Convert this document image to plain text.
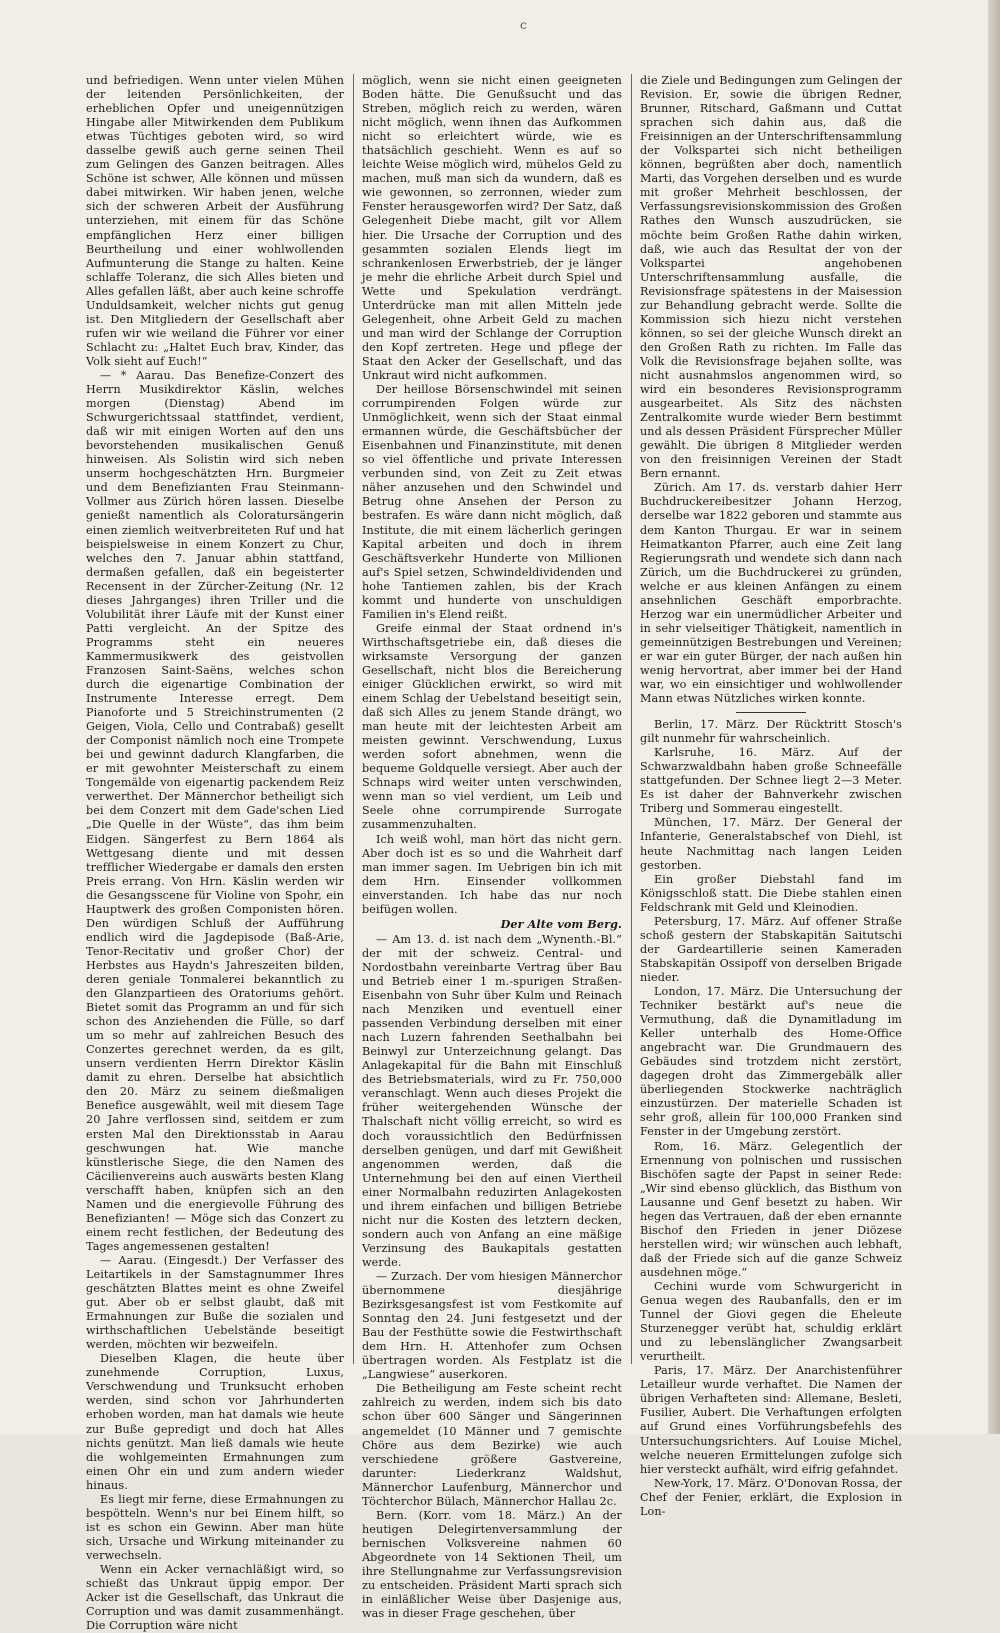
c

und befriedigen. Wenn unter vielen Mühen der leitenden Persönlichkeiten, der erheblichen Opfer und uneigennützigen Hingabe aller Mitwirkenden dem Publikum etwas Tüchtiges geboten wird, so wird dasselbe gewiß auch gerne seinen Theil zum Gelingen des Ganzen beitragen. Alles Schöne ist schwer, Alle können und müssen dabei mitwirken. Wir haben jenen, welche sich der schweren Arbeit der Ausführung unterziehen, mit einem für das Schöne empfänglichen Herz einer billigen Beurtheilung und einer wohlwollenden Aufmunterung die Stange zu halten. Keine schlaffe Toleranz, die sich Alles bieten und Alles gefallen läßt, aber auch keine schroffe Unduldsamkeit, welcher nichts gut genug ist. Den Mitgliedern der Gesellschaft aber rufen wir wie weiland die Führer vor einer Schlacht zu: „Haltet Euch brav, Kinder, das Volk sieht auf Euch!“

— * Aarau. Das Benefize-Conzert des Herrn Musikdirektor Käslin, welches morgen (Dienstag) Abend im Schwurgerichtssaal stattfindet, verdient, daß wir mit einigen Worten auf den uns bevorstehenden musikalischen Genuß hinweisen. Als Solistin wird sich neben unserm hochgeschätzten Hrn. Burgmeier und dem Benefizianten Frau Steinmann-Vollmer aus Zürich hören lassen. Dieselbe genießt namentlich als Coloratursängerin einen ziemlich weitverbreiteten Ruf und hat beispielsweise in einem Konzert zu Chur, welches den 7. Januar abhin stattfand, dermaßen gefallen, daß ein begeisterter Recensent in der Zürcher-Zeitung (Nr. 12 dieses Jahrganges) ihren Triller und die Volubilität ihrer Läufe mit der Kunst einer Patti vergleicht. An der Spitze des Programms steht ein neueres Kammermusikwerk des geistvollen Franzosen Saint-Saëns, welches schon durch die eigenartige Combination der Instrumente Interesse erregt. Dem Pianoforte und 5 Streichinstrumenten (2 Geigen, Viola, Cello und Contrabaß) gesellt der Componist nämlich noch eine Trompete bei und gewinnt dadurch Klangfarben, die er mit gewohnter Meisterschaft zu einem Tongemälde von eigenartig packendem Reiz verwerthet. Der Männerchor betheiligt sich bei dem Conzert mit dem Gade'schen Lied „Die Quelle in der Wüste“, das ihm beim Eidgen. Sängerfest zu Bern 1864 als Wettgesang diente und mit dessen trefflicher Wiedergabe er damals den ersten Preis errang. Von Hrn. Käslin werden wir die Gesangsscene für Violine von Spohr, ein Hauptwerk des großen Componisten hören. Den würdigen Schluß der Aufführung endlich wird die Jagdepisode (Baß-Arie, Tenor-Recitativ und großer Chor) der Herbstes aus Haydn's Jahreszeiten bilden, deren geniale Tonmalerei bekanntlich zu den Glanzpartieen des Oratoriums gehört. Bietet somit das Programm an und für sich schon des Anziehenden die Fülle, so darf um so mehr auf zahlreichen Besuch des Conzertes gerechnet werden, da es gilt, unsern verdienten Herrn Direktor Käslin damit zu ehren. Derselbe hat absichtlich den 20. März zu seinem dießmaligen Benefice ausgewählt, weil mit diesem Tage 20 Jahre verflossen sind, seitdem er zum ersten Mal den Direktionsstab in Aarau geschwungen hat. Wie manche künstlerische Siege, die den Namen des Cäcilienvereins auch auswärts besten Klang verschafft haben, knüpfen sich an den Namen und die energievolle Führung des Benefizianten! — Möge sich das Conzert zu einem recht festlichen, der Bedeutung des Tages angemessenen gestalten!

— Aarau. (Eingesdt.) Der Verfasser des Leitartikels in der Samstagnummer Ihres geschätzten Blattes meint es ohne Zweifel gut. Aber ob er selbst glaubt, daß mit Ermahnungen zur Buße die sozialen und wirthschaftlichen Uebelstände beseitigt werden, möchten wir bezweifeln.

Dieselben Klagen, die heute über zunehmende Corruption, Luxus, Verschwendung und Trunksucht erhoben werden, sind schon vor Jahrhunderten erhoben worden, man hat damals wie heute zur Buße gepredigt und doch hat Alles nichts genützt. Man ließ damals wie heute die wohlgemeinten Ermahnungen zum einen Ohr ein und zum andern wieder hinaus.

Es liegt mir ferne, diese Ermahnungen zu bespötteln. Wenn's nur bei Einem hilft, so ist es schon ein Gewinn. Aber man hüte sich, Ursache und Wirkung miteinander zu verwechseln.

Wenn ein Acker vernachläßigt wird, so schießt das Unkraut üppig empor. Der Acker ist die Gesellschaft, das Unkraut die Corruption und was damit zusammenhängt. Die Corruption wäre nicht

möglich, wenn sie nicht einen geeigneten Boden hätte. Die Genußsucht und das Streben, möglich reich zu werden, wären nicht möglich, wenn ihnen das Aufkommen nicht so erleichtert würde, wie es thatsächlich geschieht. Wenn es auf so leichte Weise möglich wird, mühelos Geld zu machen, muß man sich da wundern, daß es wie gewonnen, so zerronnen, wieder zum Fenster herausgeworfen wird? Der Satz, daß Gelegenheit Diebe macht, gilt vor Allem hier. Die Ursache der Corruption und des gesammten sozialen Elends liegt im schrankenlosen Erwerbstrieb, der je länger je mehr die ehrliche Arbeit durch Spiel und Wette und Spekulation verdrängt. Unterdrücke man mit allen Mitteln jede Gelegenheit, ohne Arbeit Geld zu machen und man wird der Schlange der Corruption den Kopf zertreten. Hege und pflege der Staat den Acker der Gesellschaft, und das Unkraut wird nicht aufkommen.

Der heillose Börsenschwindel mit seinen corrumpirenden Folgen würde zur Unmöglichkeit, wenn sich der Staat einmal ermannen würde, die Geschäftsbücher der Eisenbahnen und Finanzinstitute, mit denen so viel öffentliche und private Interessen verbunden sind, von Zeit zu Zeit etwas näher anzusehen und den Schwindel und Betrug ohne Ansehen der Person zu bestrafen. Es wäre dann nicht möglich, daß Institute, die mit einem lächerlich geringen Kapital arbeiten und doch in ihrem Geschäftsverkehr Hunderte von Millionen auf's Spiel setzen, Schwindeldividenden und hohe Tantiemen zahlen, bis der Krach kommt und hunderte von unschuldigen Familien in's Elend reißt.

Greife einmal der Staat ordnend in's Wirthschaftsgetriebe ein, daß dieses die wirksamste Versorgung der ganzen Gesellschaft, nicht blos die Bereicherung einiger Glücklichen erwirkt, so wird mit einem Schlag der Uebelstand beseitigt sein, daß sich Alles zu jenem Stande drängt, wo man heute mit der leichtesten Arbeit am meisten gewinnt. Verschwendung, Luxus werden sofort abnehmen, wenn die bequeme Goldquelle versiegt. Aber auch der Schnaps wird weiter unten verschwinden, wenn man so viel verdient, um Leib und Seele ohne corrumpirende Surrogate zusammenzuhalten.

Ich weiß wohl, man hört das nicht gern. Aber doch ist es so und die Wahrheit darf man immer sagen. Im Uebrigen bin ich mit dem Hrn. Einsender vollkommen einverstanden. Ich habe das nur noch beifügen wollen.

Der Alte vom Berg.

— Am 13. d. ist nach dem „Wynenth.-Bl.“ der mit der schweiz. Central- und Nordostbahn vereinbarte Vertrag über Bau und Betrieb einer 1 m.-spurigen Straßen-Eisenbahn von Suhr über Kulm und Reinach nach Menziken und eventuell einer passenden Verbindung derselben mit einer nach Luzern fahrenden Seethalbahn bei Beinwyl zur Unterzeichnung gelangt. Das Anlagekapital für die Bahn mit Einschluß des Betriebsmaterials, wird zu Fr. 750,000 veranschlagt. Wenn auch dieses Projekt die früher weitergehenden Wünsche der Thalschaft nicht völlig erreicht, so wird es doch voraussichtlich den Bedürfnissen derselben genügen, und darf mit Gewißheit angenommen werden, daß die Unternehmung bei den auf einen Viertheil einer Normalbahn reduzirten Anlagekosten und ihrem einfachen und billigen Betriebe nicht nur die Kosten des letztern decken, sondern auch von Anfang an eine mäßige Verzinsung des Baukapitals gestatten werde.

— Zurzach. Der vom hiesigen Männerchor übernommene diesjährige Bezirksgesangsfest ist vom Festkomite auf Sonntag den 24. Juni festgesetzt und der Bau der Festhütte sowie die Festwirthschaft dem Hrn. H. Attenhofer zum Ochsen übertragen worden. Als Festplatz ist die „Langwiese“ auserkoren.

Die Betheiligung am Feste scheint recht zahlreich zu werden, indem sich bis dato schon über 600 Sänger und Sängerinnen angemeldet (10 Männer und 7 gemischte Chöre aus dem Bezirke) wie auch verschiedene größere Gastvereine, darunter: Liederkranz Waldshut, Männerchor Laufenburg, Männerchor und Töchterchor Bülach, Männerchor Hallau 2c.

Bern. (Korr. vom 18. März.) An der heutigen Delegirtenversammlung der bernischen Volksvereine nahmen 60 Abgeordnete von 14 Sektionen Theil, um ihre Stellungnahme zur Verfassungsrevision zu entscheiden. Präsident Marti sprach sich in einläßlicher Weise über Dasjenige aus, was in dieser Frage geschehen, über

die Ziele und Bedingungen zum Gelingen der Revision. Er, sowie die übrigen Redner, Brunner, Ritschard, Gaßmann und Cuttat sprachen sich dahin aus, daß die Freisinnigen an der Unterschriftensammlung der Volkspartei sich nicht betheiligen können, begrüßten aber doch, namentlich Marti, das Vorgehen derselben und es wurde mit großer Mehrheit beschlossen, der Verfassungsrevisionskommission des Großen Rathes den Wunsch auszudrücken, sie möchte beim Großen Rathe dahin wirken, daß, wie auch das Resultat der von der Volkspartei angehobenen Unterschriftensammlung ausfalle, die Revisionsfrage spätestens in der Maisession zur Behandlung gebracht werde. Sollte die Kommission sich hiezu nicht verstehen können, so sei der gleiche Wunsch direkt an den Großen Rath zu richten. Im Falle das Volk die Revisionsfrage bejahen sollte, was nicht ausnahmslos angenommen wird, so wird ein besonderes Revisionsprogramm ausgearbeitet. Als Sitz des nächsten Zentralkomite wurde wieder Bern bestimmt und als dessen Präsident Fürsprecher Müller gewählt. Die übrigen 8 Mitglieder werden von den freisinnigen Vereinen der Stadt Bern ernannt.

Zürich. Am 17. ds. verstarb dahier Herr Buchdruckereibesitzer Johann Herzog, derselbe war 1822 geboren und stammte aus dem Kanton Thurgau. Er war in seinem Heimatkanton Pfarrer, auch eine Zeit lang Regierungsrath und wendete sich dann nach Zürich, um die Buchdruckerei zu gründen, welche er aus kleinen Anfängen zu einem ansehnlichen Geschäft emporbrachte. Herzog war ein unermüdlicher Arbeiter und in sehr vielseitiger Thätigkeit, namentlich in gemeinnützigen Bestrebungen und Vereinen; er war ein guter Bürger, der nach außen hin wenig hervortrat, aber immer bei der Hand war, wo ein einsichtiger und wohlwollender Mann etwas Nützliches wirken konnte.

Berlin, 17. März. Der Rücktritt Stosch's gilt nunmehr für wahrscheinlich.

Karlsruhe, 16. März. Auf der Schwarzwaldbahn haben große Schneefälle stattgefunden. Der Schnee liegt 2—3 Meter. Es ist daher der Bahnverkehr zwischen Triberg und Sommerau eingestellt.

München, 17. März. Der General der Infanterie, Generalstabschef von Diehl, ist heute Nachmittag nach langen Leiden gestorben.

Ein großer Diebstahl fand im Königsschloß statt. Die Diebe stahlen einen Feldschrank mit Geld und Kleinodien.

Petersburg, 17. März. Auf offener Straße schoß gestern der Stabskapitän Saitutschi der Gardeartillerie seinen Kameraden Stabskapitän Ossipoff von derselben Brigade nieder.

London, 17. März. Die Untersuchung der Techniker bestärkt auf's neue die Vermuthung, daß die Dynamitladung im Keller unterhalb des Home-Office angebracht war. Die Grundmauern des Gebäudes sind trotzdem nicht zerstört, dagegen droht das Zimmergebälk aller überliegenden Stockwerke nachträglich einzustürzen. Der materielle Schaden ist sehr groß, allein für 100,000 Franken sind Fenster in der Umgebung zerstört.

Rom, 16. März. Gelegentlich der Ernennung von polnischen und russischen Bischöfen sagte der Papst in seiner Rede: „Wir sind ebenso glücklich, das Bisthum von Lausanne und Genf besetzt zu haben. Wir hegen das Vertrauen, daß der eben ernannte Bischof den Frieden in jener Diözese herstellen wird; wir wünschen auch lebhaft, daß der Friede sich auf die ganze Schweiz ausdehnen möge.“

Cechini wurde vom Schwurgericht in Genua wegen des Raubanfalls, den er im Tunnel der Giovi gegen die Eheleute Sturzenegger verübt hat, schuldig erklärt und zu lebenslänglicher Zwangsarbeit verurtheilt.

Paris, 17. März. Der Anarchistenführer Letailleur wurde verhaftet. Die Namen der übrigen Verhafteten sind: Allemane, Besleti, Fusilier, Aubert. Die Verhaftungen erfolgten auf Grund eines Vorführungsbefehls des Untersuchungsrichters. Auf Louise Michel, welche neueren Ermittelungen zufolge sich hier versteckt aufhält, wird eifrig gefahndet.

New-York, 17. März. O'Donovan Rossa, der Chef der Fenier, erklärt, die Explosion in Lon-
